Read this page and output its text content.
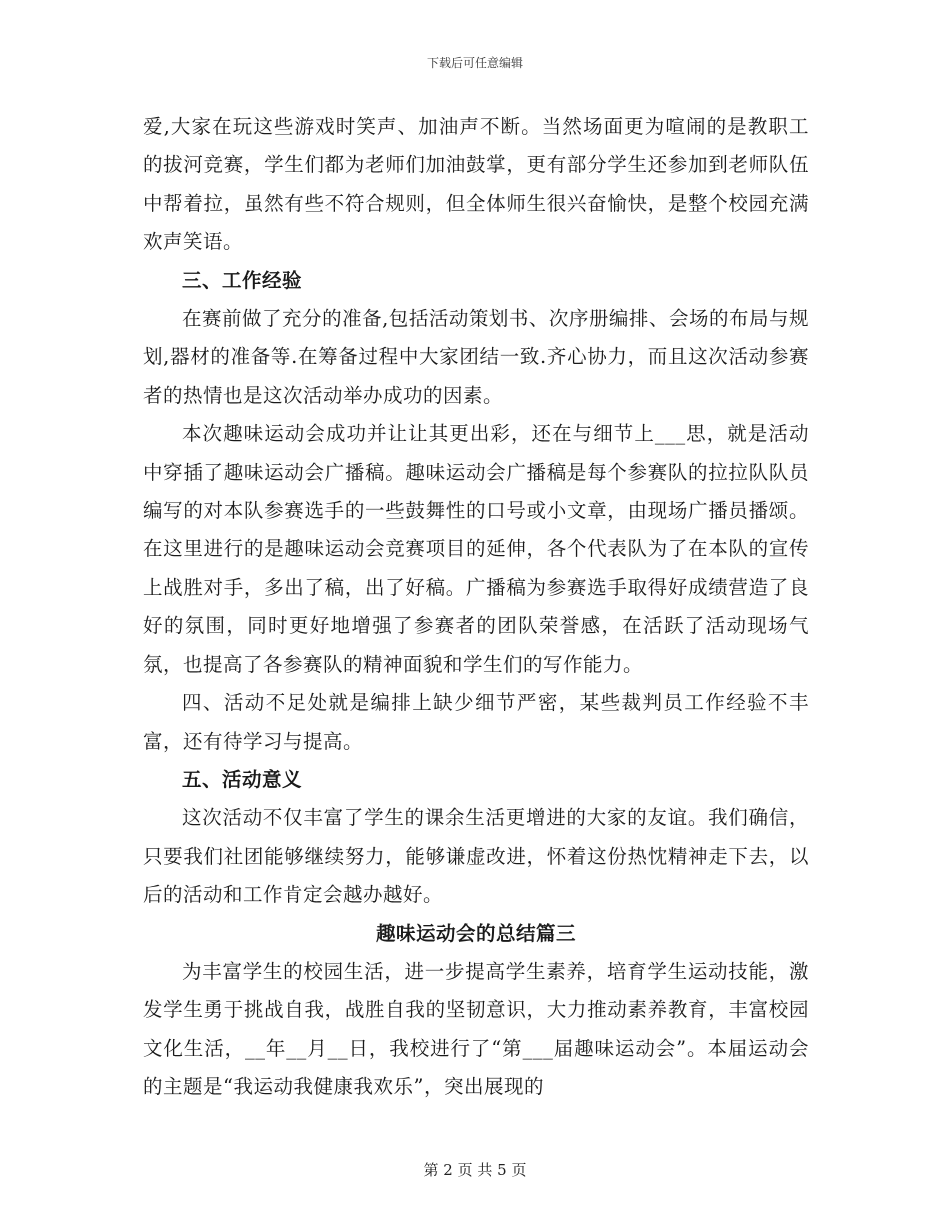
下载后可任意编辑

爱,大家在玩这些游戏时笑声、加油声不断。当然场面更为喧闹的是教职工的拔河竞赛，学生们都为老师们加油鼓掌，更有部分学生还参加到老师队伍中帮着拉，虽然有些不符合规则，但全体师生很兴奋愉快，是整个校园充满欢声笑语。

三、工作经验

在赛前做了充分的准备,包括活动策划书、次序册编排、会场的布局与规划,器材的准备等.在筹备过程中大家团结一致.齐心协力，而且这次活动参赛者的热情也是这次活动举办成功的因素。

本次趣味运动会成功并让让其更出彩，还在与细节上___思，就是活动中穿插了趣味运动会广播稿。趣味运动会广播稿是每个参赛队的拉拉队队员编写的对本队参赛选手的一些鼓舞性的口号或小文章，由现场广播员播颂。在这里进行的是趣味运动会竞赛项目的延伸，各个代表队为了在本队的宣传上战胜对手，多出了稿，出了好稿。广播稿为参赛选手取得好成绩营造了良好的氛围，同时更好地增强了参赛者的团队荣誉感，在活跃了活动现场气氛，也提高了各参赛队的精神面貌和学生们的写作能力。

四、活动不足处就是编排上缺少细节严密，某些裁判员工作经验不丰富，还有待学习与提高。

五、活动意义

这次活动不仅丰富了学生的课余生活更增进的大家的友谊。我们确信，只要我们社团能够继续努力，能够谦虚改进，怀着这份热忱精神走下去，以后的活动和工作肯定会越办越好。

趣味运动会的总结篇三

为丰富学生的校园生活，进一步提高学生素养，培育学生运动技能，激发学生勇于挑战自我，战胜自我的坚韧意识，大力推动素养教育，丰富校园文化生活，__年__月__日，我校进行了“第___届趣味运动会”。本届运动会的主题是“我运动我健康我欢乐”，突出展现的

第 2 页 共 5 页
